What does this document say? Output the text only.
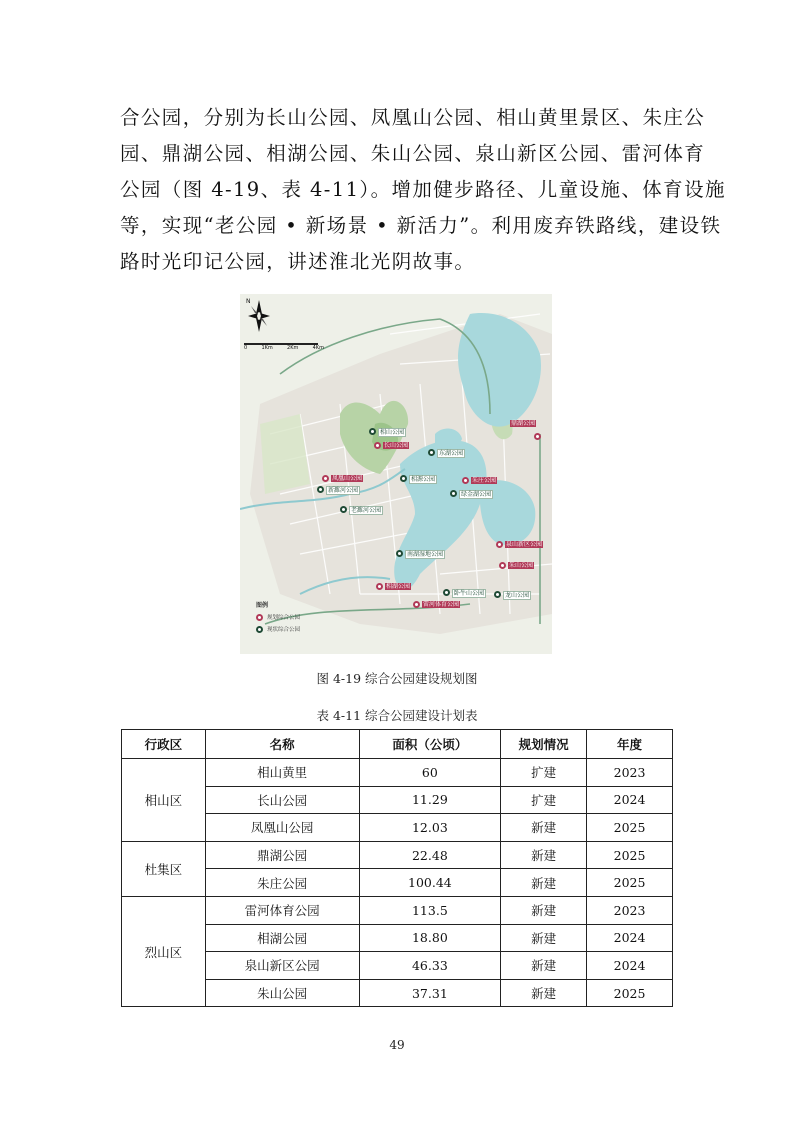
合公园，分别为长山公园、凤凰山公园、相山黄里景区、朱庄公
园、鼎湖公园、相湖公园、朱山公园、泉山新区公园、雷河体育
公园（图 4-19、表 4-11）。增加健步路径、儿童设施、体育设施
等，实现“老公园 • 新场景 • 新活力”。利用废弃铁路线，建设铁
路时光印记公园，讲述淮北光阴故事。
N
0	1Km	2Km	4Km
相山公园
长山公园
东湖公园
凤凰山公园
新濉河公园
老濉河公园
相源公园	朱庄公园
绿金湖公园
鼎湖公园
泉山新区公园
南湖湿地公园
朱山公园
相湖公园
卧牛山公园	龙山公园
雷河体育公园
图例
规划综合公园
现状综合公园
图 4-19 综合公园建设规划图
表 4-11 综合公园建设计划表
行政区	名称	面积（公顷）	规划情况	年度
相山区	相山黄里	60	扩建	2023
	长山公园	11.29	扩建	2024
	凤凰山公园	12.03	新建	2025
杜集区	鼎湖公园	22.48	新建	2025
	朱庄公园	100.44	新建	2025
烈山区	雷河体育公园	113.5	新建	2023
	相湖公园	18.80	新建	2024
	泉山新区公园	46.33	新建	2024
	朱山公园	37.31	新建	2025
49
